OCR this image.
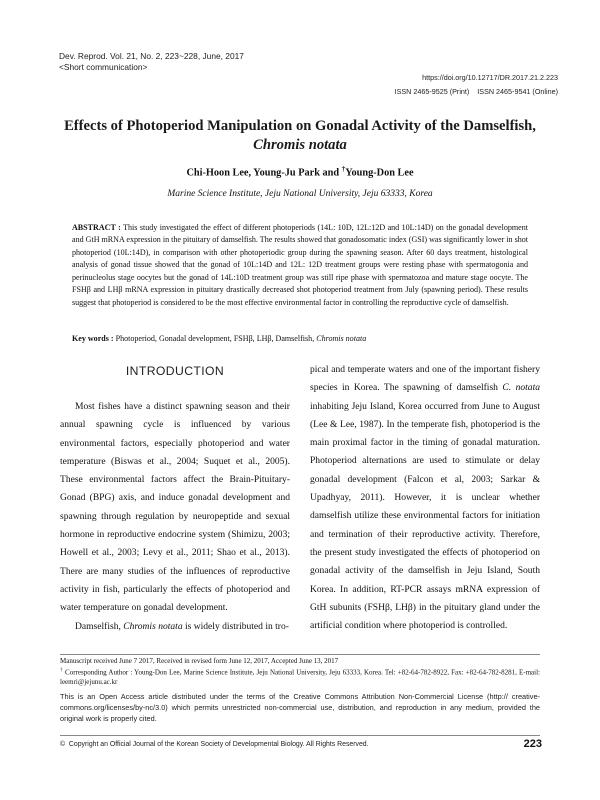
Dev. Reprod. Vol. 21, No. 2, 223~228, June, 2017
<Short communication>
https://doi.org/10.12717/DR.2017.21.2.223
ISSN 2465-9525 (Print)    ISSN 2465-9541 (Online)
Effects of Photoperiod Manipulation on Gonadal Activity of the Damselfish,
Chromis notata
Chi-Hoon Lee, Young-Ju Park and †Young-Don Lee
Marine Science Institute, Jeju National University, Jeju 63333, Korea
ABSTRACT : This study investigated the effect of different photoperiods (14L: 10D, 12L:12D and 10L:14D) on the gonadal development and GtH mRNA expression in the pituitary of damselfish. The results showed that gonadosomatic index (GSI) was significantly lower in shot photoperiod (10L:14D), in comparison with other photoperiodic group during the spawning season. After 60 days treatment, histological analysis of gonad tissue showed that the gonad of 10L:14D and 12L: 12D treatment groups were resting phase with spermatogonia and perinucleolus stage oocytes but the gonad of 14L:10D treatment group was still ripe phase with spermatozoa and mature stage oocyte. The FSHβ and LHβ mRNA expression in pituitary drastically decreased shot photoperiod treatment from July (spawning period). These results suggest that photoperiod is considered to be the most effective environmental factor in controlling the reproductive cycle of damselfish.
Key words : Photoperiod, Gonadal development, FSHβ, LHβ, Damselfish, Chromis notata
INTRODUCTION
Most fishes have a distinct spawning season and their annual spawning cycle is influenced by various environmental factors, especially photoperiod and water temperature (Biswas et al., 2004; Suquet et al., 2005). These environmental factors affect the Brain-Pituitary-Gonad (BPG) axis, and induce gonadal development and spawning through regulation by neuropeptide and sexual hormone in reproductive endocrine system (Shimizu, 2003; Howell et al., 2003; Levy et al., 2011; Shao et al., 2013). There are many studies of the influences of reproductive activity in fish, particularly the effects of photoperiod and water temperature on gonadal development.
Damselfish, Chromis notata is widely distributed in tro-
pical and temperate waters and one of the important fishery species in Korea. The spawning of damselfish C. notata inhabiting Jeju Island, Korea occurred from June to August (Lee & Lee, 1987). In the temperate fish, photoperiod is the main proximal factor in the timing of gonadal maturation. Photoperiod alternations are used to stimulate or delay gonadal development (Falcon et al, 2003; Sarkar & Upadhyay, 2011). However, it is unclear whether damselfish utilize these environmental factors for initiation and termination of their reproductive activity. Therefore, the present study investigated the effects of photoperiod on gonadal activity of the damselfish in Jeju Island, South Korea. In addition, RT-PCR assays mRNA expression of GtH subunits (FSHβ, LHβ) in the pituitary gland under the artificial condition where photoperiod is controlled.
Manuscript received June 7 2017, Received in revised form June 12, 2017, Accepted June 13, 2017
† Corresponding Author : Young-Don Lee, Marine Science Institute, Jeju National University, Jeju 63333, Korea. Tel: +82-64-782-8922, Fax: +82-64-782-8281, E-mail: leemri@jejunu.ac.kr
This is an Open Access article distributed under the terms of the Creative Commons Attribution Non-Commercial License (http:// creative-commons.org/licenses/by-nc/3.0) which permits unrestricted non-commercial use, distribution, and reproduction in any medium, provided the original work is properly cited.
©  Copyright an Official Journal of the Korean Society of Developmental Biology. All Rights Reserved.	223
